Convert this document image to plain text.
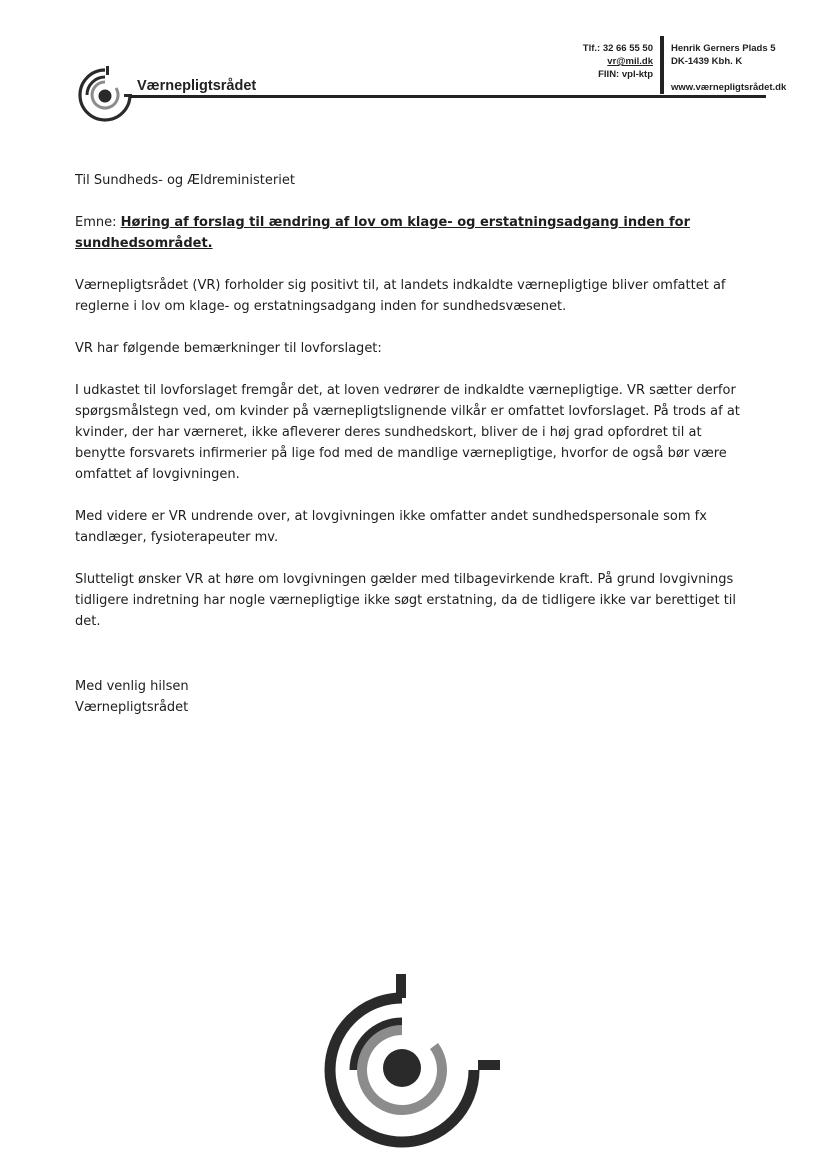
Værnepligtsrådet
Tlf.: 32 66 55 50
vr@mil.dk
FIIN: vpl-ktp
Henrik Gerners Plads 5
DK-1439 Kbh. K
www.værnepligtsrådet.dk

Til Sundheds- og Ældreministeriet

Emne: Høring af forslag til ændring af lov om klage- og erstatningsadgang inden for sundhedsområdet.

Værnepligtsrådet (VR) forholder sig positivt til, at landets indkaldte værnepligtige bliver omfattet af reglerne i lov om klage- og erstatningsadgang inden for sundhedsvæsenet.

VR har følgende bemærkninger til lovforslaget:

I udkastet til lovforslaget fremgår det, at loven vedrører de indkaldte værnepligtige. VR sætter derfor spørgsmålstegn ved, om kvinder på værnepligtslignende vilkår er omfattet lovforslaget. På trods af at kvinder, der har værneret, ikke afleverer deres sundhedskort, bliver de i høj grad opfordret til at benytte forsvarets infirmerier på lige fod med de mandlige værnepligtige, hvorfor de også bør være omfattet af lovgivningen.

Med videre er VR undrende over, at lovgivningen ikke omfatter andet sundhedspersonale som fx tandlæger, fysioterapeuter mv.

Slutteligt ønsker VR at høre om lovgivningen gælder med tilbagevirkende kraft. På grund lovgivnings tidligere indretning har nogle værnepligtige ikke søgt erstatning, da de tidligere ikke var berettiget til det.

Med venlig hilsen
Værnepligtsrådet
